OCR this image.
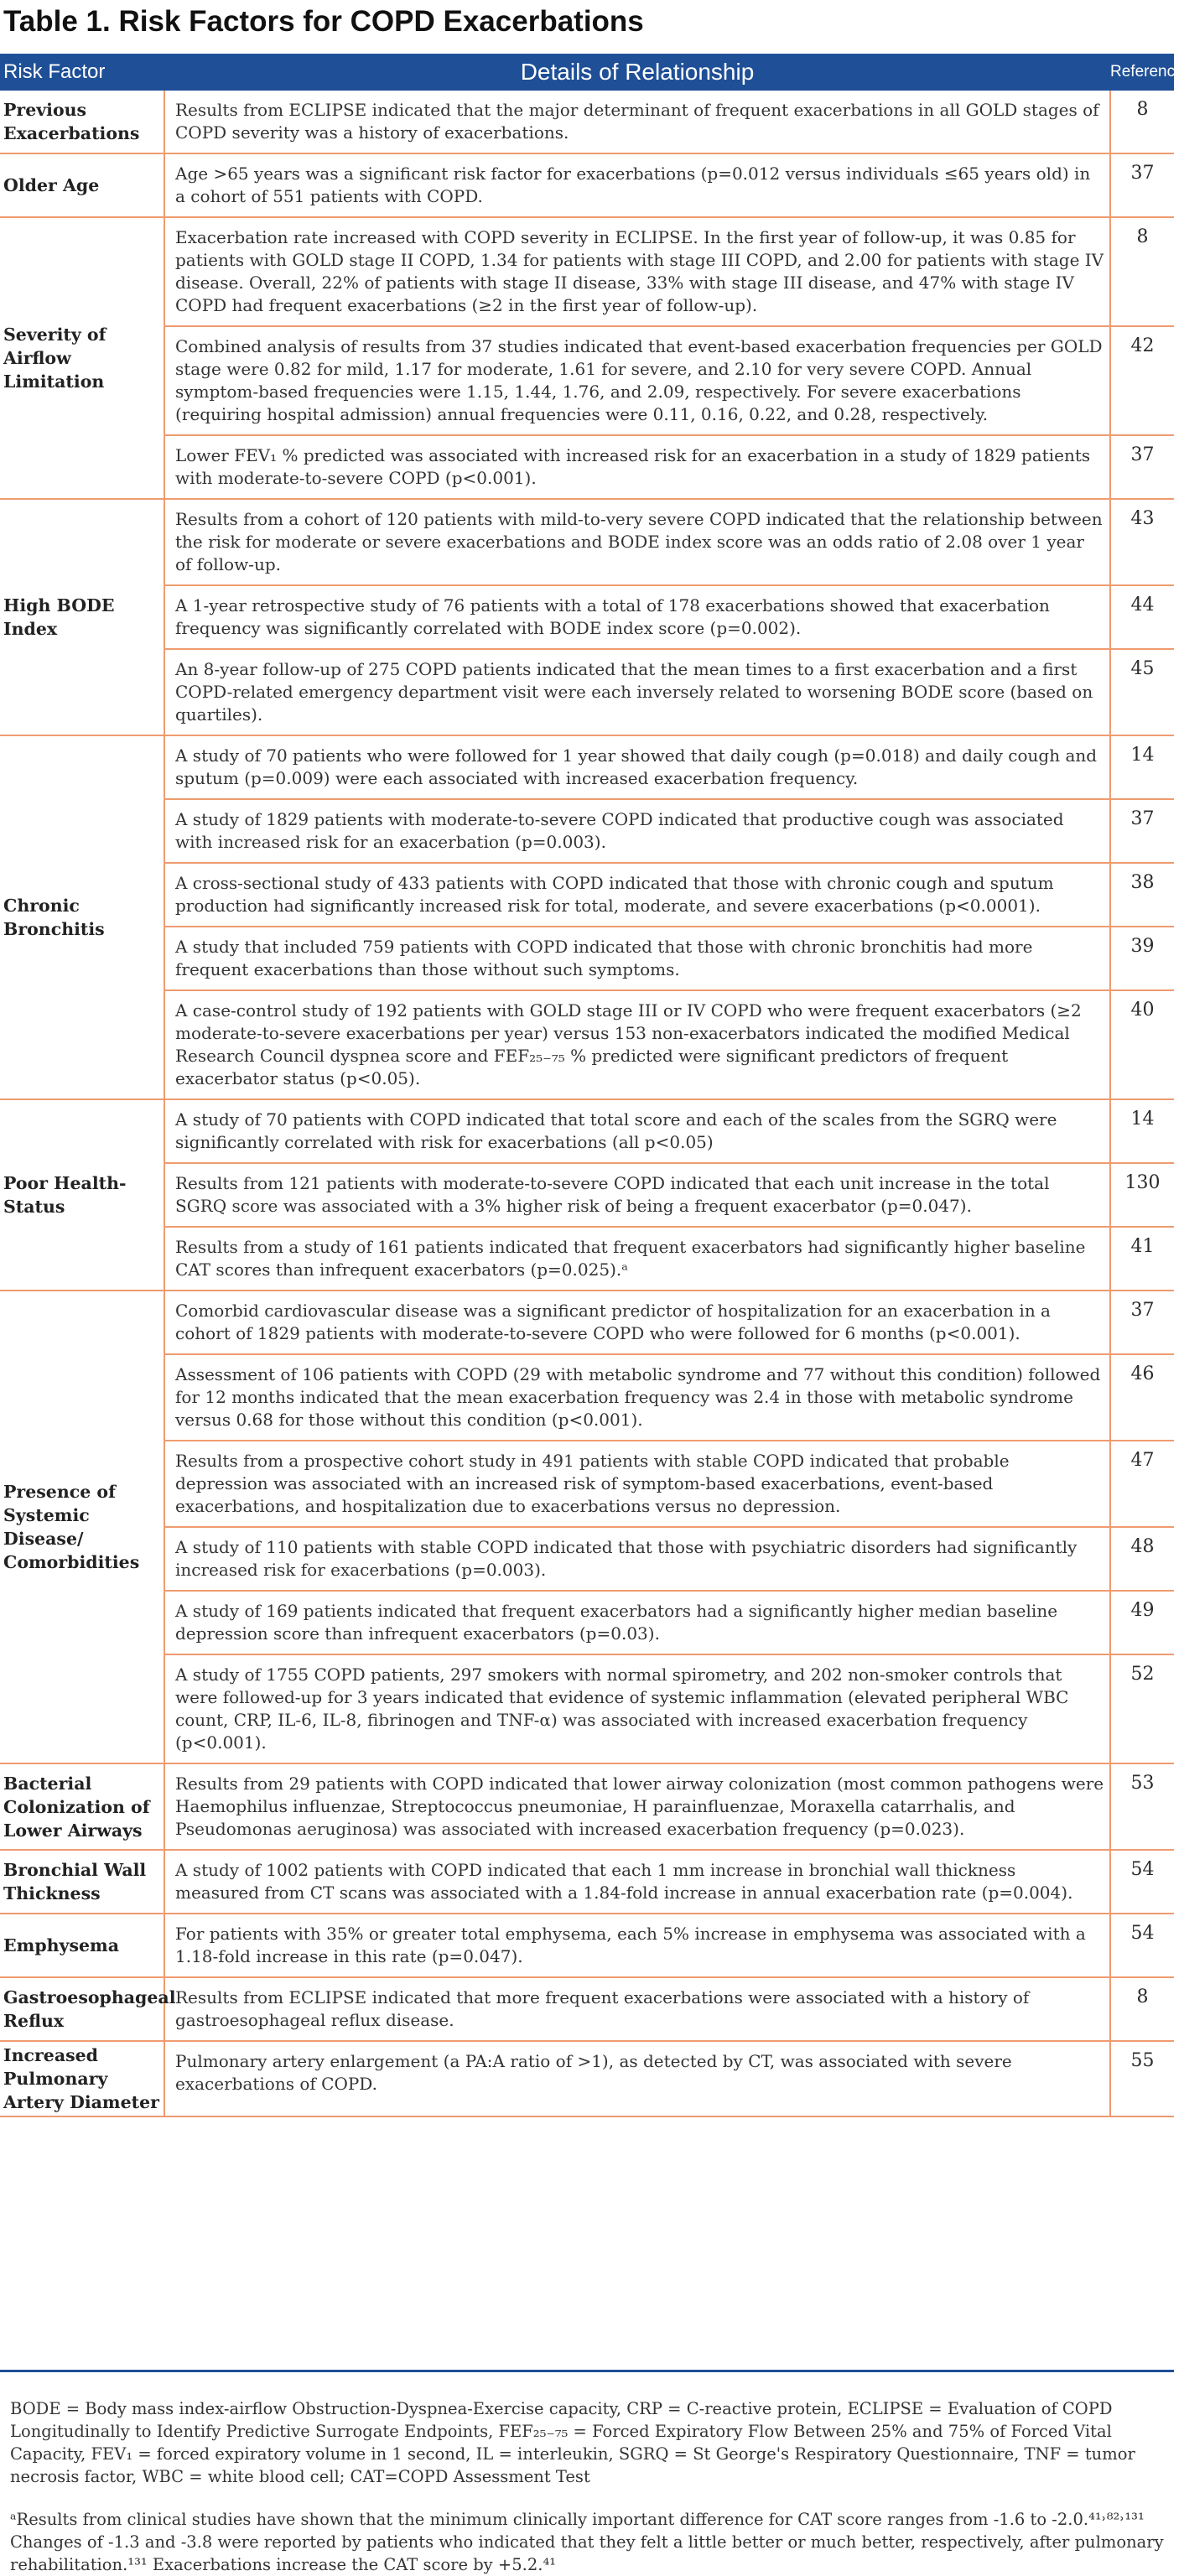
Table 1. Risk Factors for COPD Exacerbations
Risk Factor	Details of Relationship	Reference
Previous Exacerbations	Results from ECLIPSE indicated that the major determinant of frequent exacerbations in all GOLD stages of COPD severity was a history of exacerbations.	8
Older Age	Age >65 years was a significant risk factor for exacerbations (p=0.012 versus individuals ≤65 years old) in a cohort of 551 patients with COPD.	37
Severity of Airflow Limitation	Exacerbation rate increased with COPD severity in ECLIPSE. In the first year of follow-up, it was 0.85 for patients with GOLD stage II COPD, 1.34 for patients with stage III COPD, and 2.00 for patients with stage IV disease. Overall, 22% of patients with stage II disease, 33% with stage III disease, and 47% with stage IV COPD had frequent exacerbations (≥2 in the first year of follow-up).	8
	Combined analysis of results from 37 studies indicated that event-based exacerbation frequencies per GOLD stage were 0.82 for mild, 1.17 for moderate, 1.61 for severe, and 2.10 for very severe COPD. Annual symptom-based frequencies were 1.15, 1.44, 1.76, and 2.09, respectively. For severe exacerbations (requiring hospital admission) annual frequencies were 0.11, 0.16, 0.22, and 0.28, respectively.	42
	Lower FEV₁ % predicted was associated with increased risk for an exacerbation in a study of 1829 patients with moderate-to-severe COPD (p<0.001).	37
High BODE Index	Results from a cohort of 120 patients with mild-to-very severe COPD indicated that the relationship between the risk for moderate or severe exacerbations and BODE index score was an odds ratio of 2.08 over 1 year of follow-up.	43
	A 1-year retrospective study of 76 patients with a total of 178 exacerbations showed that exacerbation frequency was significantly correlated with BODE index score (p=0.002).	44
	An 8-year follow-up of 275 COPD patients indicated that the mean times to a first exacerbation and a first COPD-related emergency department visit were each inversely related to worsening BODE score (based on quartiles).	45
Chronic Bronchitis	A study of 70 patients who were followed for 1 year showed that daily cough (p=0.018) and daily cough and sputum (p=0.009) were each associated with increased exacerbation frequency.	14
	A study of 1829 patients with moderate-to-severe COPD indicated that productive cough was associated with increased risk for an exacerbation (p=0.003).	37
	A cross-sectional study of 433 patients with COPD indicated that those with chronic cough and sputum production had significantly increased risk for total, moderate, and severe exacerbations (p<0.0001).	38
	A study that included 759 patients with COPD indicated that those with chronic bronchitis had more frequent exacerbations than those without such symptoms.	39
	A case-control study of 192 patients with GOLD stage III or IV COPD who were frequent exacerbators (≥2 moderate-to-severe exacerbations per year) versus 153 non-exacerbators indicated the modified Medical Research Council dyspnea score and FEF₂₅₋₇₅ % predicted were significant predictors of frequent exacerbator status (p<0.05).	40
Poor Health-Status	A study of 70 patients with COPD indicated that total score and each of the scales from the SGRQ were significantly correlated with risk for exacerbations (all p<0.05)	14
	Results from 121 patients with moderate-to-severe COPD indicated that each unit increase in the total SGRQ score was associated with a 3% higher risk of being a frequent exacerbator (p=0.047).	130
	Results from a study of 161 patients indicated that frequent exacerbators had significantly higher baseline CAT scores than infrequent exacerbators (p=0.025).ᵃ	41
Presence of Systemic Disease/ Comorbidities	Comorbid cardiovascular disease was a significant predictor of hospitalization for an exacerbation in a cohort of 1829 patients with moderate-to-severe COPD who were followed for 6 months (p<0.001).	37
	Assessment of 106 patients with COPD (29 with metabolic syndrome and 77 without this condition) followed for 12 months indicated that the mean exacerbation frequency was 2.4 in those with metabolic syndrome versus 0.68 for those without this condition (p<0.001).	46
	Results from a prospective cohort study in 491 patients with stable COPD indicated that probable depression was associated with an increased risk of symptom-based exacerbations, event-based exacerbations, and hospitalization due to exacerbations versus no depression.	47
	A study of 110 patients with stable COPD indicated that those with psychiatric disorders had significantly increased risk for exacerbations (p=0.003).	48
	A study of 169 patients indicated that frequent exacerbators had a significantly higher median baseline depression score than infrequent exacerbators (p=0.03).	49
	A study of 1755 COPD patients, 297 smokers with normal spirometry, and 202 non-smoker controls that were followed-up for 3 years indicated that evidence of systemic inflammation (elevated peripheral WBC count, CRP, IL-6, IL-8, fibrinogen and TNF-α) was associated with increased exacerbation frequency (p<0.001).	52
Bacterial Colonization of Lower Airways	Results from 29 patients with COPD indicated that lower airway colonization (most common pathogens were Haemophilus influenzae, Streptococcus pneumoniae, H parainfluenzae, Moraxella catarrhalis, and Pseudomonas aeruginosa) was associated with increased exacerbation frequency (p=0.023).	53
Bronchial Wall Thickness	A study of 1002 patients with COPD indicated that each 1 mm increase in bronchial wall thickness measured from CT scans was associated with a 1.84-fold increase in annual exacerbation rate (p=0.004).	54
Emphysema	For patients with 35% or greater total emphysema, each 5% increase in emphysema was associated with a 1.18-fold increase in this rate (p=0.047).	54
Gastroesophageal Reflux	Results from ECLIPSE indicated that more frequent exacerbations were associated with a history of gastroesophageal reflux disease.	8
Increased Pulmonary Artery Diameter	Pulmonary artery enlargement (a PA:A ratio of >1), as detected by CT, was associated with severe exacerbations of COPD.	55

BODE = Body mass index-airflow Obstruction-Dyspnea-Exercise capacity, CRP = C-reactive protein, ECLIPSE = Evaluation of COPD Longitudinally to Identify Predictive Surrogate Endpoints, FEF₂₅₋₇₅ = Forced Expiratory Flow Between 25% and 75% of Forced Vital Capacity, FEV₁ = forced expiratory volume in 1 second, IL = interleukin, SGRQ = St George's Respiratory Questionnaire, TNF = tumor necrosis factor, WBC = white blood cell; CAT=COPD Assessment Test

ᵃResults from clinical studies have shown that the minimum clinically important difference for CAT score ranges from -1.6 to -2.0.⁴¹˒⁸²˒¹³¹ Changes of -1.3 and -3.8 were reported by patients who indicated that they felt a little better or much better, respectively, after pulmonary rehabilitation.¹³¹ Exacerbations increase the CAT score by +5.2.⁴¹
